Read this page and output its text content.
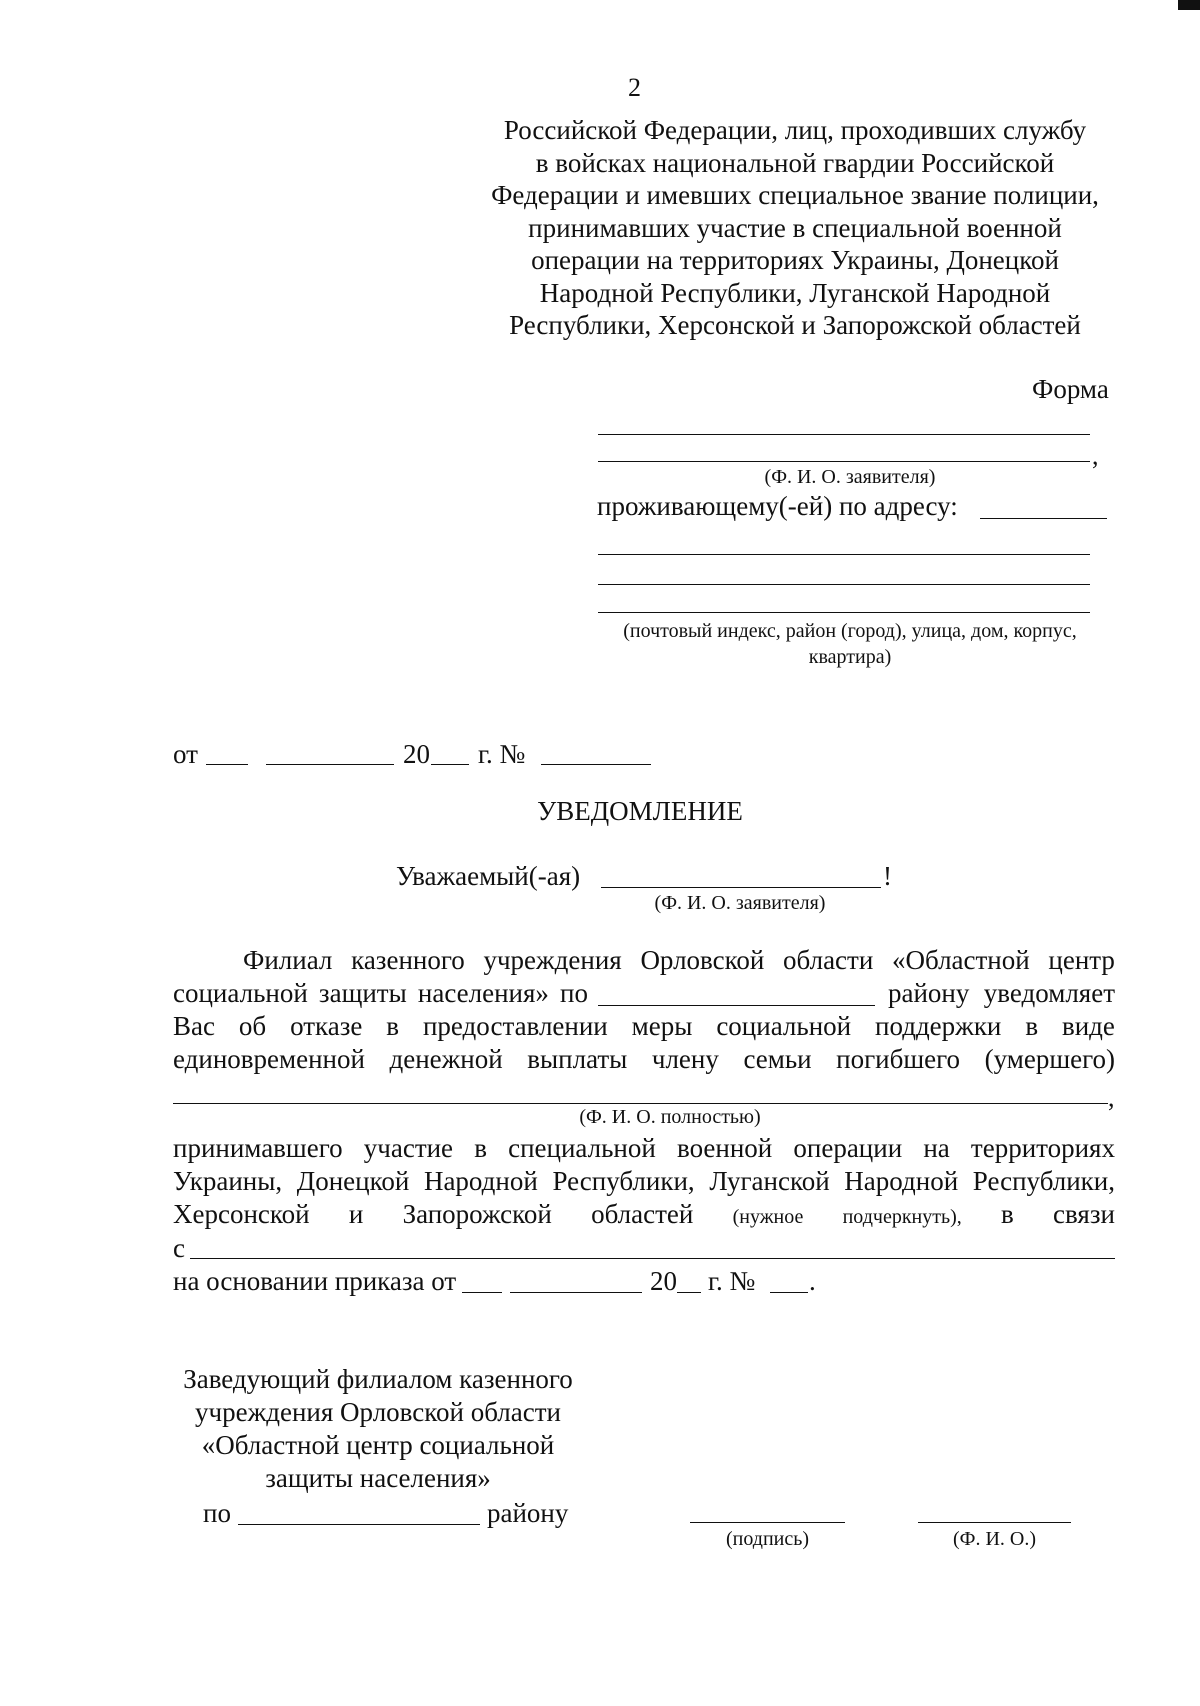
2
Российской Федерации, лиц, проходивших службу
в войсках национальной гвардии Российской
Федерации и имевших специальное звание полиции,
принимавших участие в специальной военной
операции на территориях Украины, Донецкой
Народной Республики, Луганской Народной
Республики, Херсонской и Запорожской областей
Форма
,
(Ф. И. О. заявителя)
проживающему(-ей) по адресу:
(почтовый индекс, район (город), улица, дом, корпус,
квартира)
от	20 г. №
УВЕДОМЛЕНИЕ
Уважаемый(-ая)	!
(Ф. И. О. заявителя)
Филиал казенного учреждения Орловской области «Областной центр
социальной защиты населения» по	району уведомляет
Вас об отказе в предоставлении меры социальной поддержки в виде
единовременной денежной выплаты члену семьи погибшего (умершего)
,
(Ф. И. О. полностью)
принимавшего участие в специальной военной операции на территориях
Украины, Донецкой Народной Республики, Луганской Народной Республики,
Херсонской и Запорожской областей (нужное подчеркнуть), в связи
с
на основании приказа от	20 г. № .
Заведующий филиалом казенного
учреждения Орловской области
«Областной центр социальной
защиты населения»
по	району
(подпись)	(Ф. И. О.)
